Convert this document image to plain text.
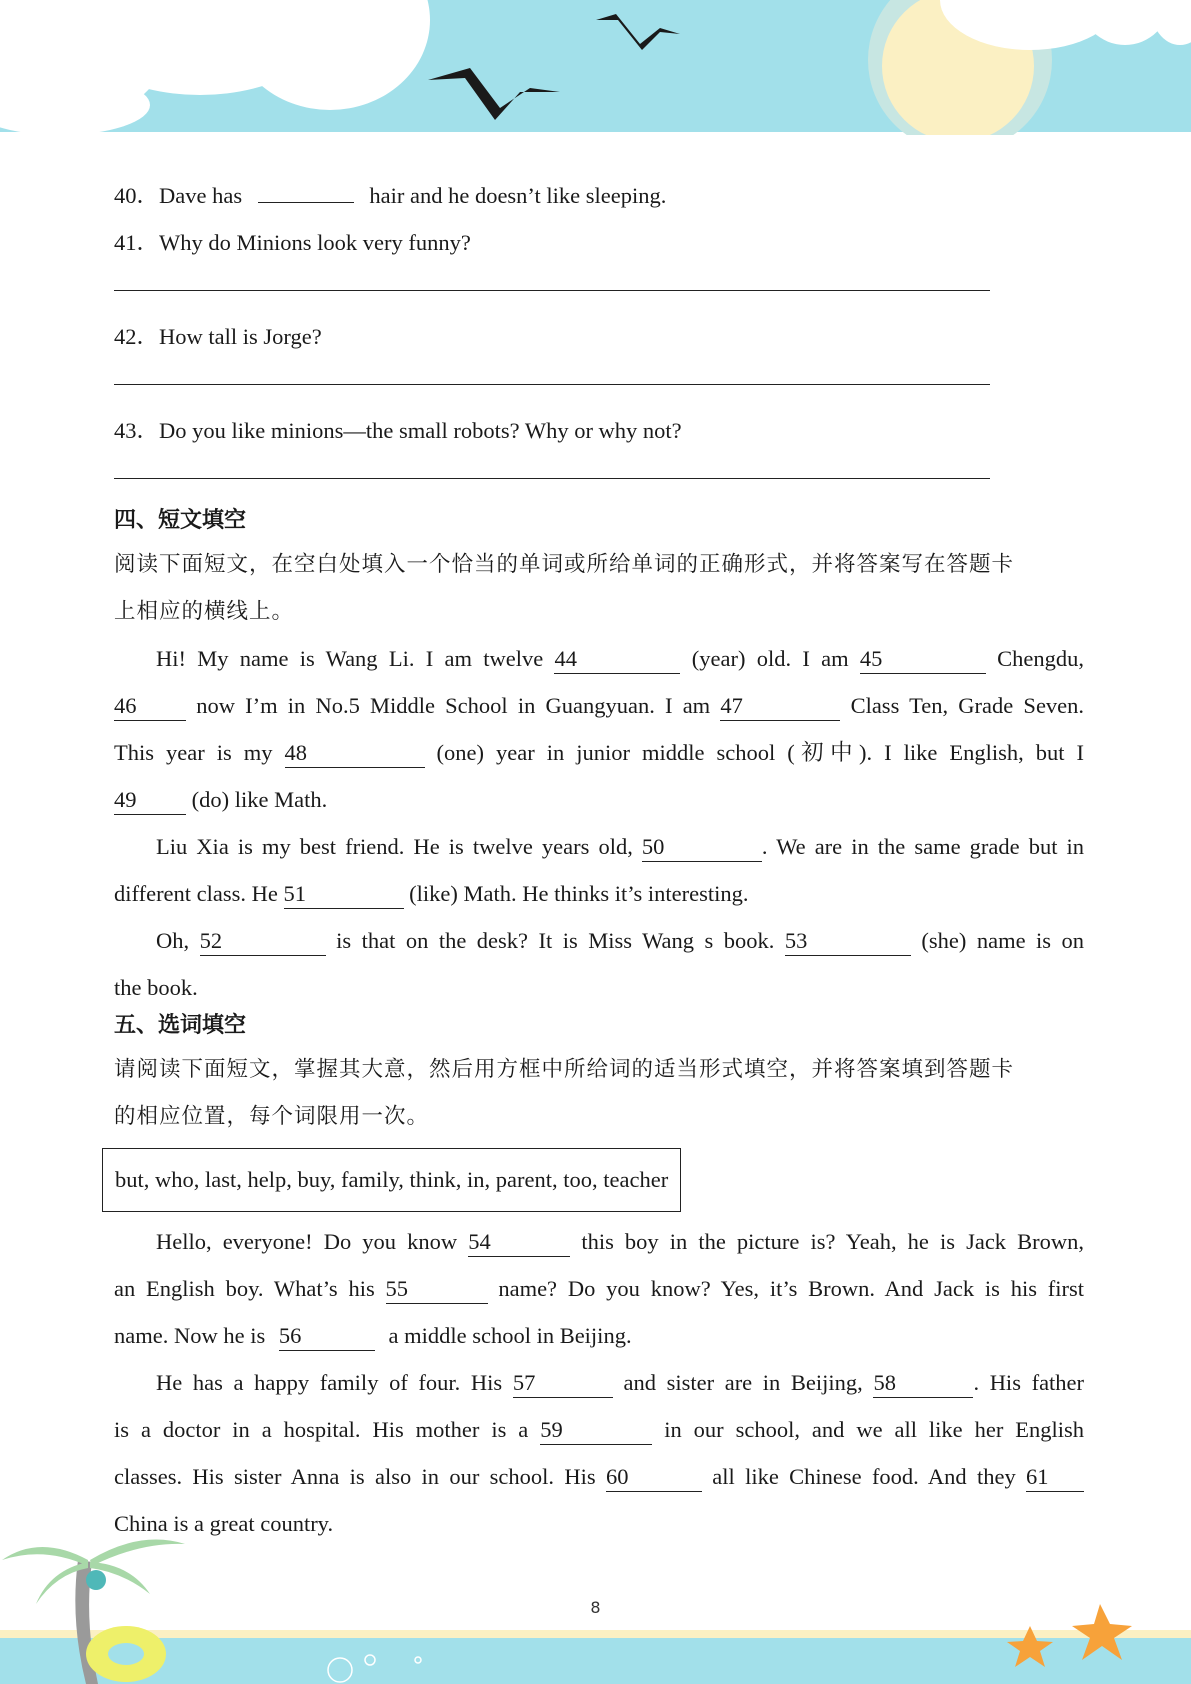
40．Dave has	hair and he doesn’t like sleeping.
41．Why do Minions look very funny?
42．How tall is Jorge?
43．Do you like minions—the small robots? Why or why not?
四、短文填空
阅读下面短文，在空白处填入一个恰当的单词或所给单词的正确形式，并将答案写在答题卡
上相应的横线上。
Hi! My name is Wang Li. I am twelve 44	(year) old. I am 45	Chengdu,
46	now I’m in No.5 Middle School in Guangyuan. I am 47	Class Ten, Grade Seven.
This year is my 48	(one) year in junior middle school (初中). I like English, but I
49 (do) like Math.
Liu Xia is my best friend. He is twelve years old, 50	. We are in the same grade but in
different class. He 51	(like) Math. He thinks it’s interesting.
Oh, 52	is that on the desk? It is Miss Wang s book. 53	(she) name is on
the book.
五、选词填空
请阅读下面短文，掌握其大意，然后用方框中所给词的适当形式填空，并将答案填到答题卡
的相应位置，每个词限用一次。
but, who, last, help, buy, family, think, in, parent, too, teacher
Hello, everyone! Do you know 54	this boy in the picture is? Yeah, he is Jack Brown,
an English boy. What’s his 55	name? Do you know? Yes, it’s Brown. And Jack is his first
name. Now he is 56	a middle school in Beijing.
He has a happy family of four. His 57	and sister are in Beijing, 58	. His father
is a doctor in a hospital. His mother is a 59	in our school, and we all like her English
classes. His sister Anna is also in our school. His 60	all like Chinese food. And they 61
China is a great country.
8
